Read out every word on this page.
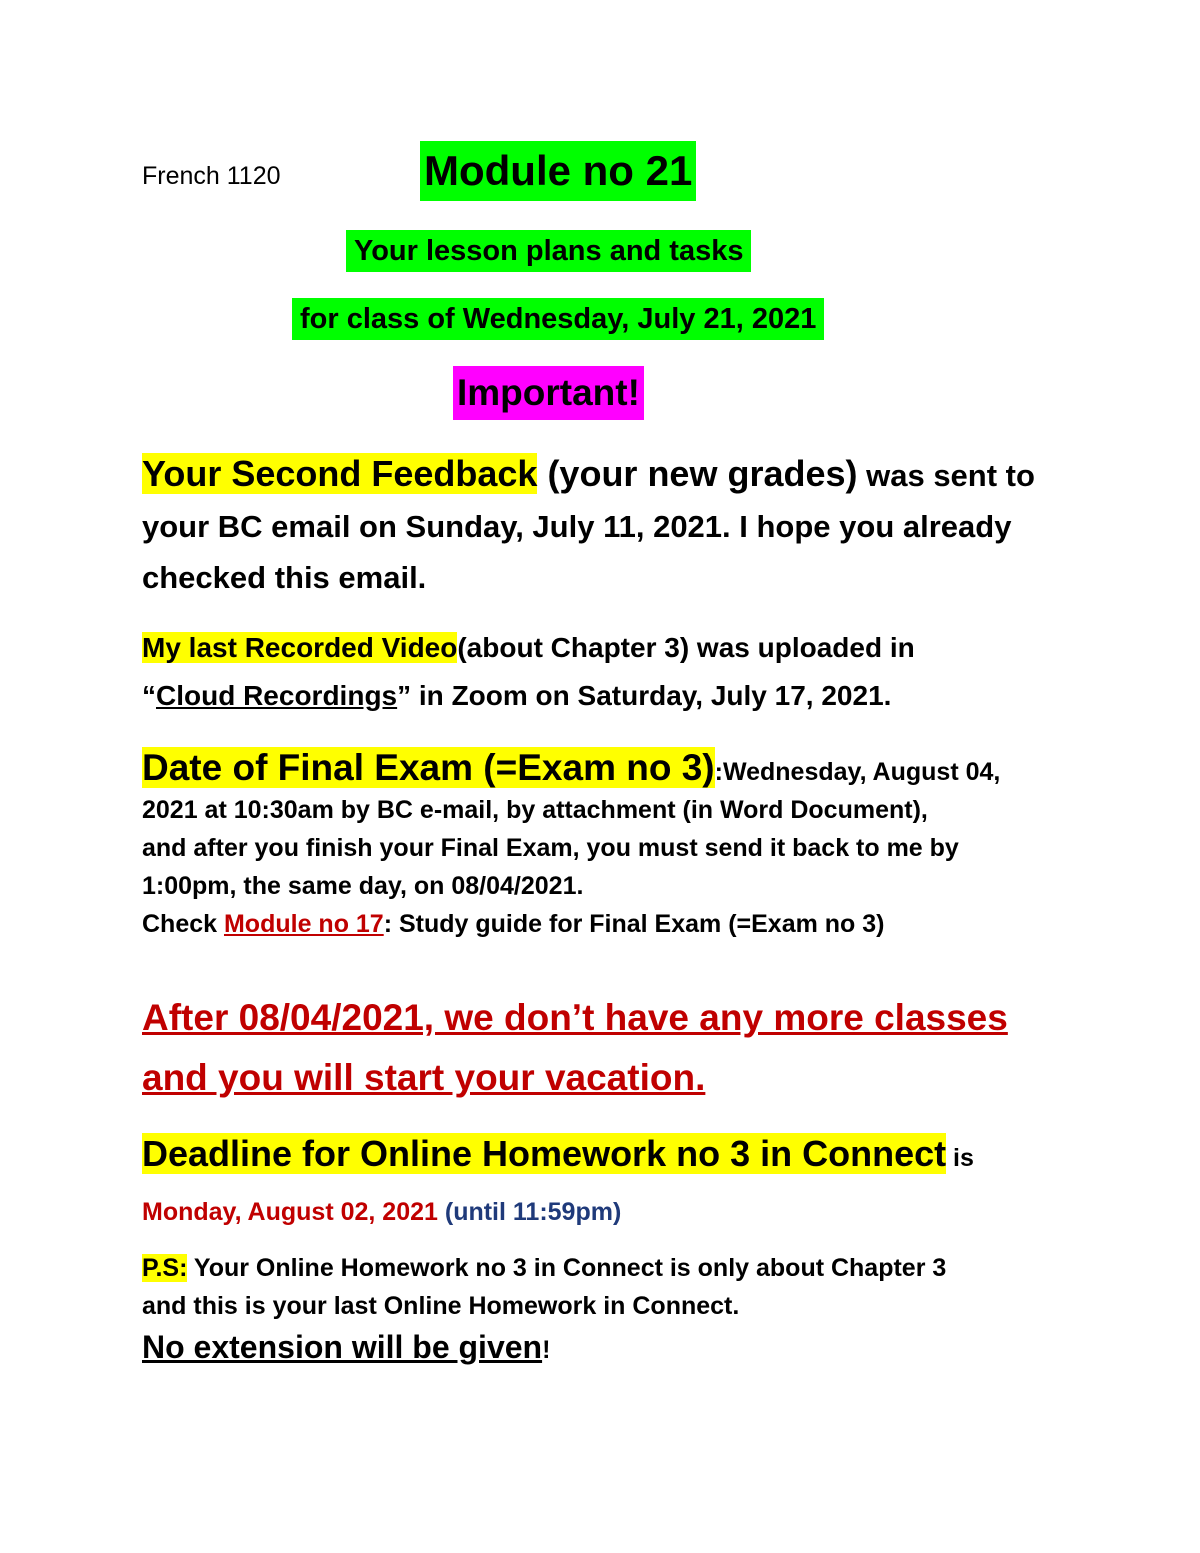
French 1120	Module no 21
Your lesson plans and tasks
for class of Wednesday, July 21, 2021
Important!
Your Second Feedback (your new grades) was sent to
your BC email on Sunday, July 11, 2021. I hope you already
checked this email.
My last Recorded Video(about Chapter 3) was uploaded in
“Cloud Recordings” in Zoom on Saturday, July 17, 2021.
Date of Final Exam (=Exam no 3):Wednesday, August 04,
2021 at 10:30am by BC e-mail, by attachment (in Word Document),
and after you finish your Final Exam, you must send it back to me by
1:00pm, the same day, on 08/04/2021.
Check Module no 17: Study guide for Final Exam (=Exam no 3)
After 08/04/2021, we don’t have any more classes
and you will start your vacation.
Deadline for Online Homework no 3 in Connect is
Monday, August 02, 2021 (until 11:59pm)
P.S: Your Online Homework no 3 in Connect is only about Chapter 3
and this is your last Online Homework in Connect.
No extension will be given!
